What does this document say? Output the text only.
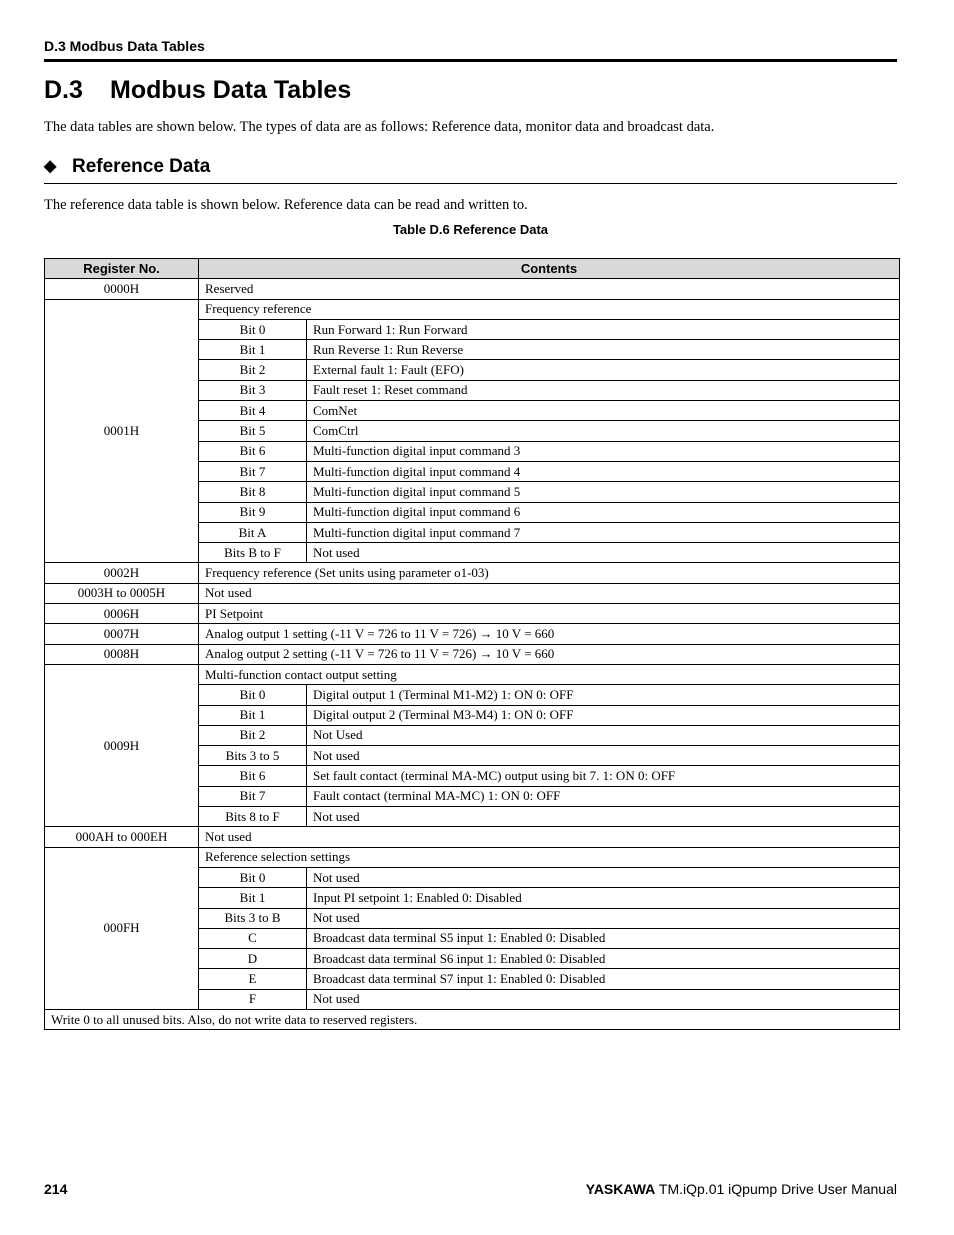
D.3 Modbus Data Tables
D.3 Modbus Data Tables

The data tables are shown below. The types of data are as follows: Reference data, monitor data and broadcast data.

◆ Reference Data

The reference data table is shown below. Reference data can be read and written to.

Table D.6 Reference Data
Register No.	Contents	
0000H	Reserved	
0001H	Frequency reference	
	Bit 0	Run Forward 1: Run Forward
	Bit 1	Run Reverse 1: Run Reverse
	Bit 2	External fault 1: Fault (EFO)
	Bit 3	Fault reset 1: Reset command
	Bit 4	ComNet
	Bit 5	ComCtrl
	Bit 6	Multi-function digital input command 3
	Bit 7	Multi-function digital input command 4
	Bit 8	Multi-function digital input command 5
	Bit 9	Multi-function digital input command 6
	Bit A	Multi-function digital input command 7
	Bits B to F	Not used
0002H	Frequency reference (Set units using parameter o1-03)	
0003H to 0005H	Not used	
0006H	PI Setpoint	
0007H	Analog output 1 setting (-11 V = 726 to 11 V = 726) → 10 V = 660	
0008H	Analog output 2 setting (-11 V = 726 to 11 V = 726) → 10 V = 660	
0009H	Multi-function contact output setting	
	Bit 0	Digital output 1 (Terminal M1-M2) 1: ON 0: OFF
	Bit 1	Digital output 2 (Terminal M3-M4) 1: ON 0: OFF
	Bit 2	Not Used
	Bits 3 to 5	Not used
	Bit 6	Set fault contact (terminal MA-MC) output using bit 7. 1: ON 0: OFF
	Bit 7	Fault contact (terminal MA-MC) 1: ON 0: OFF
	Bits 8 to F	Not used
000AH to 000EH	Not used	
000FH	Reference selection settings	
	Bit 0	Not used
	Bit 1	Input PI setpoint 1: Enabled 0: Disabled
	Bits 3 to B	Not used
	C	Broadcast data terminal S5 input 1: Enabled 0: Disabled
	D	Broadcast data terminal S6 input 1: Enabled 0: Disabled
	E	Broadcast data terminal S7 input 1: Enabled 0: Disabled
	F	Not used
Write 0 to all unused bits. Also, do not write data to reserved registers.		
214	YASKAWA TM.iQp.01 iQpump Drive User Manual
